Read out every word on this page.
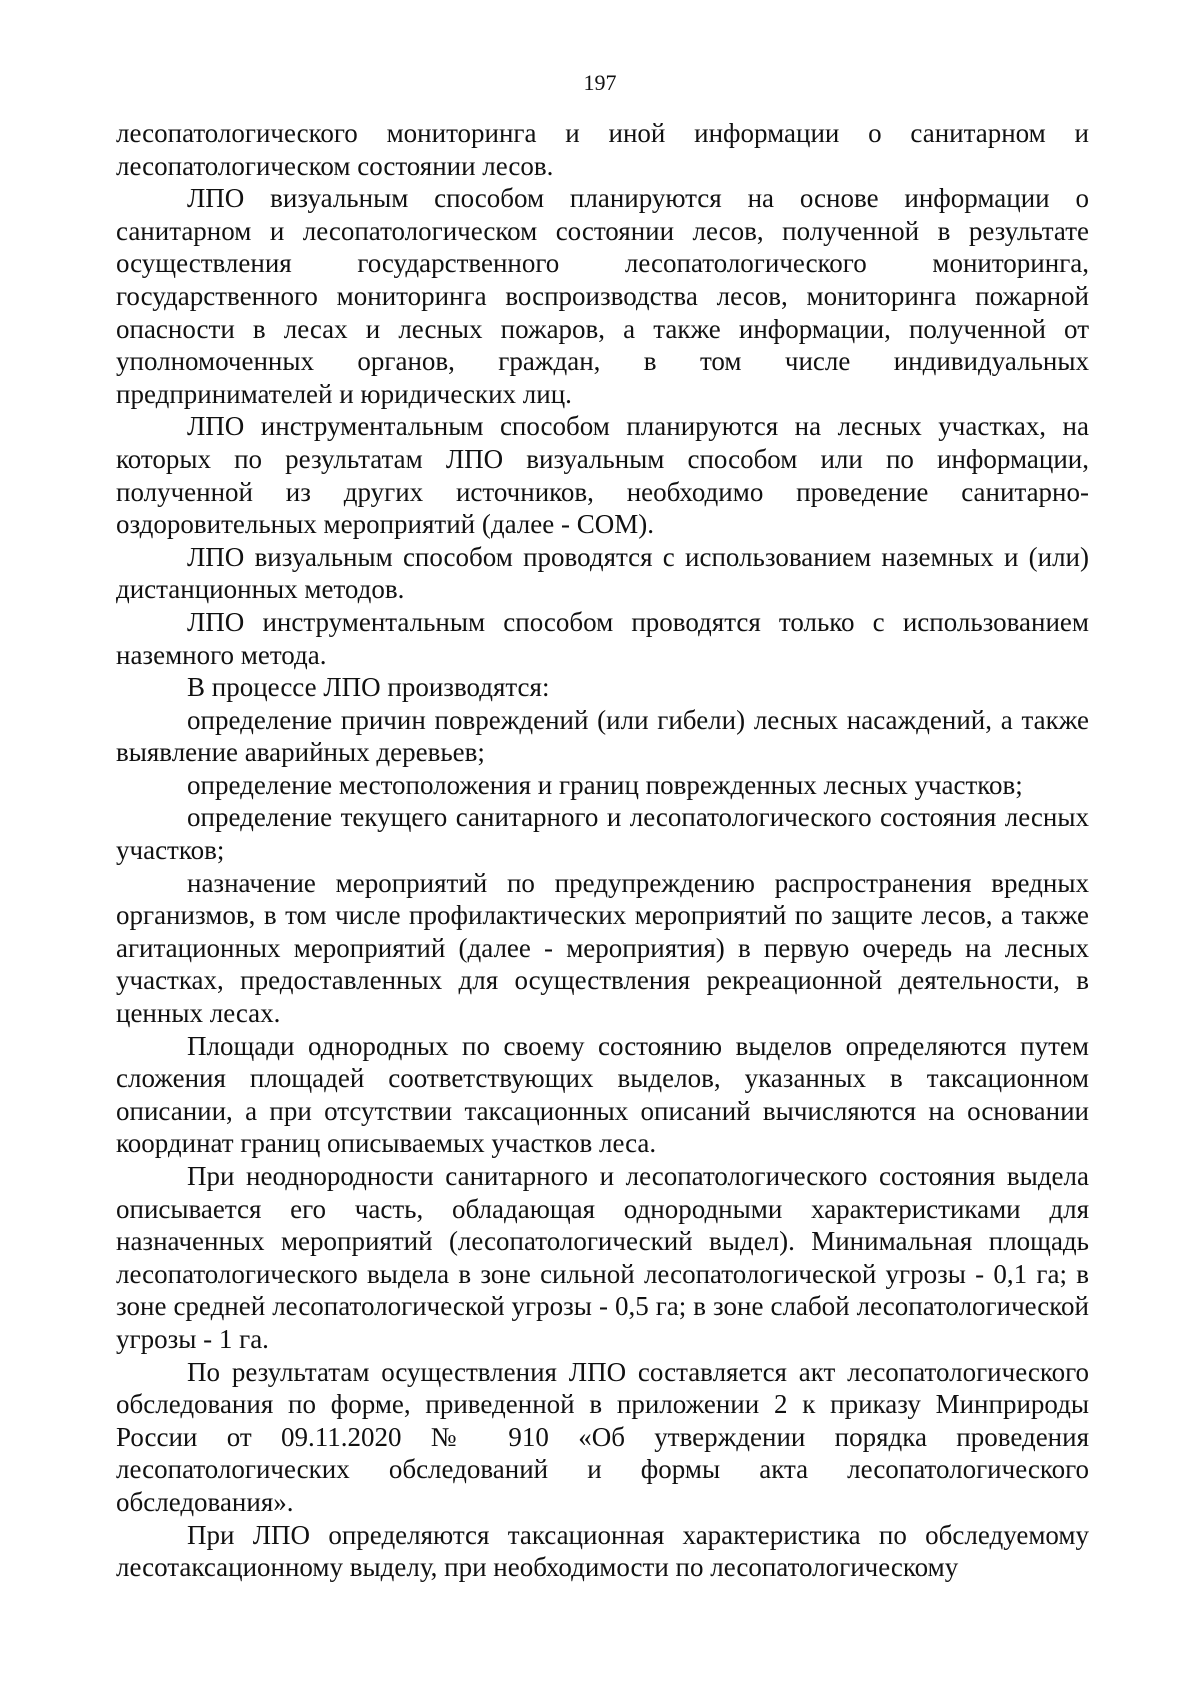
197

лесопатологического мониторинга и иной информации о санитарном и лесопатологическом состоянии лесов.

ЛПО визуальным способом планируются на основе информации о санитарном и лесопатологическом состоянии лесов, полученной в результате осуществления государственного лесопатологического мониторинга, государственного мониторинга воспроизводства лесов, мониторинга пожарной опасности в лесах и лесных пожаров, а также информации, полученной от уполномоченных органов, граждан, в том числе индивидуальных предпринимателей и юридических лиц.

ЛПО инструментальным способом планируются на лесных участках, на которых по результатам ЛПО визуальным способом или по информации, полученной из других источников, необходимо проведение санитарно-оздоровительных мероприятий (далее - СОМ).

ЛПО визуальным способом проводятся с использованием наземных и (или) дистанционных методов.

ЛПО инструментальным способом проводятся только с использованием наземного метода.

В процессе ЛПО производятся:

определение причин повреждений (или гибели) лесных насаждений, а также выявление аварийных деревьев;

определение местоположения и границ поврежденных лесных участков;

определение текущего санитарного и лесопатологического состояния лесных участков;

назначение мероприятий по предупреждению распространения вредных организмов, в том числе профилактических мероприятий по защите лесов, а также агитационных мероприятий (далее - мероприятия) в первую очередь на лесных участках, предоставленных для осуществления рекреационной деятельности, в ценных лесах.

Площади однородных по своему состоянию выделов определяются путем сложения площадей соответствующих выделов, указанных в таксационном описании, а при отсутствии таксационных описаний вычисляются на основании координат границ описываемых участков леса.

При неоднородности санитарного и лесопатологического состояния выдела описывается его часть, обладающая однородными характеристиками для назначенных мероприятий (лесопатологический выдел). Минимальная площадь лесопатологического выдела в зоне сильной лесопатологической угрозы - 0,1 га; в зоне средней лесопатологической угрозы - 0,5 га; в зоне слабой лесопатологической угрозы - 1 га.

По результатам осуществления ЛПО составляется акт лесопатологического обследования по форме, приведенной в приложении 2 к приказу Минприроды России от 09.11.2020 № 910 «Об утверждении порядка проведения лесопатологических обследований и формы акта лесопатологического обследования».

При ЛПО определяются таксационная характеристика по обследуемому лесотаксационному выделу, при необходимости по лесопатологическому
